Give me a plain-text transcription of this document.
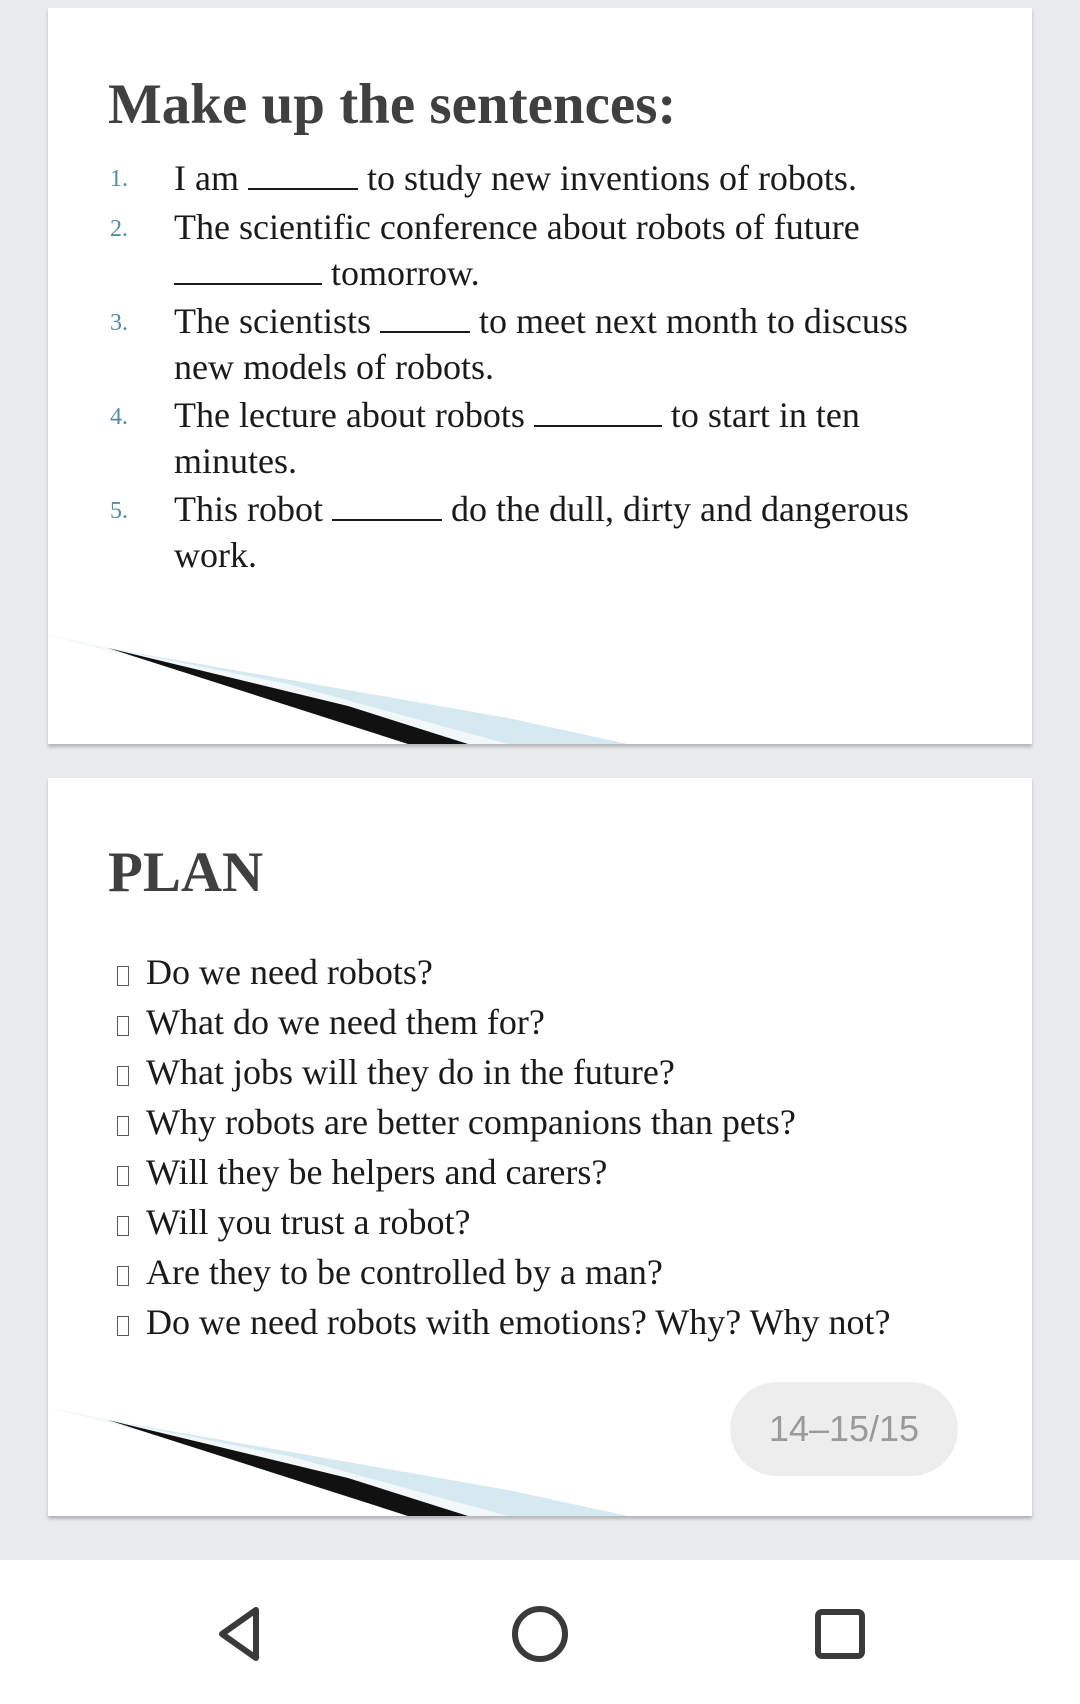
Make up the sentences:
1. I am	to study new inventions of robots.
2. The scientific conference about robots of future
tomorrow.
3. The scientists	to meet next month to discuss
new models of robots.
4. The lecture about robots	to start in ten
minutes.
5. This robot	do the dull, dirty and dangerous
work.
PLAN
Do we need robots?
What do we need them for?
What jobs will they do in the future?
Why robots are better companions than pets?
Will they be helpers and carers?
Will you trust a robot?
Are they to be controlled by a man?
Do we need robots with emotions? Why? Why not?
14–15/15
